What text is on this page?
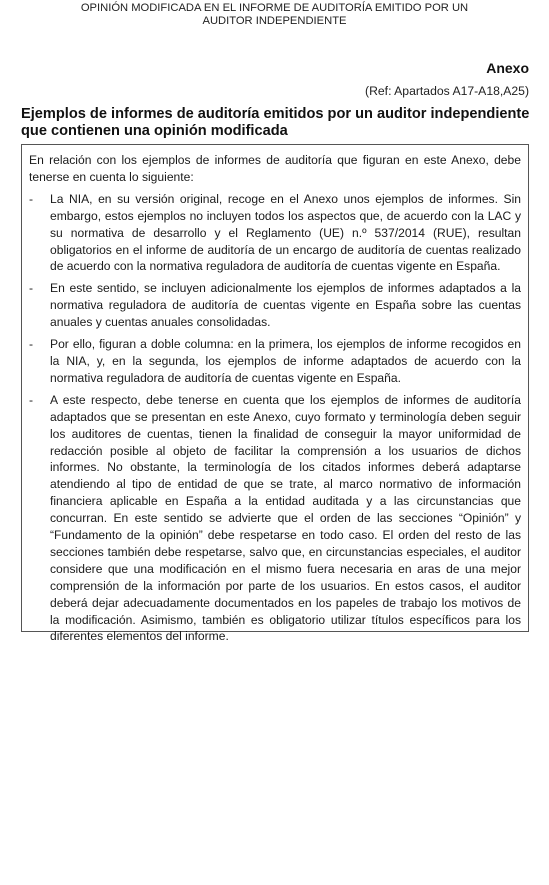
OPINIÓN MODIFICADA EN EL INFORME DE AUDITORÍA EMITIDO POR UN
AUDITOR INDEPENDIENTE
Anexo
(Ref: Apartados A17-A18,A25)
Ejemplos de informes de auditoría emitidos por un auditor independiente que contienen una opinión modificada

En relación con los ejemplos de informes de auditoría que figuran en este Anexo, debe tenerse en cuenta lo siguiente:

-	La NIA, en su versión original, recoge en el Anexo unos ejemplos de informes. Sin embargo, estos ejemplos no incluyen todos los aspectos que, de acuerdo con la LAC y su normativa de desarrollo y el Reglamento (UE) n.º 537/2014 (RUE), resultan obligatorios en el informe de auditoría de un encargo de auditoría de cuentas realizado de acuerdo con la normativa reguladora de auditoría de cuentas vigente en España.
-	En este sentido, se incluyen adicionalmente los ejemplos de informes adaptados a la normativa reguladora de auditoría de cuentas vigente en España sobre las cuentas anuales y cuentas anuales consolidadas.
-	Por ello, figuran a doble columna: en la primera, los ejemplos de informe recogidos en la NIA, y, en la segunda, los ejemplos de informe adaptados de acuerdo con la normativa reguladora de auditoría de cuentas vigente en España.
-	A este respecto, debe tenerse en cuenta que los ejemplos de informes de auditoría adaptados que se presentan en este Anexo, cuyo formato y terminología deben seguir los auditores de cuentas, tienen la finalidad de conseguir la mayor uniformidad de redacción posible al objeto de facilitar la comprensión a los usuarios de dichos informes. No obstante, la terminología de los citados informes deberá adaptarse atendiendo al tipo de entidad de que se trate, al marco normativo de información financiera aplicable en España a la entidad auditada y a las circunstancias que concurran. En este sentido se advierte que el orden de las secciones “Opinión” y “Fundamento de la opinión” debe respetarse en todo caso. El orden del resto de las secciones también debe respetarse, salvo que, en circunstancias especiales, el auditor considere que una modificación en el mismo fuera necesaria en aras de una mejor comprensión de la información por parte de los usuarios. En estos casos, el auditor deberá dejar adecuadamente documentados en los papeles de trabajo los motivos de la modificación. Asimismo, también es obligatorio utilizar títulos específicos para los diferentes elementos del informe.
